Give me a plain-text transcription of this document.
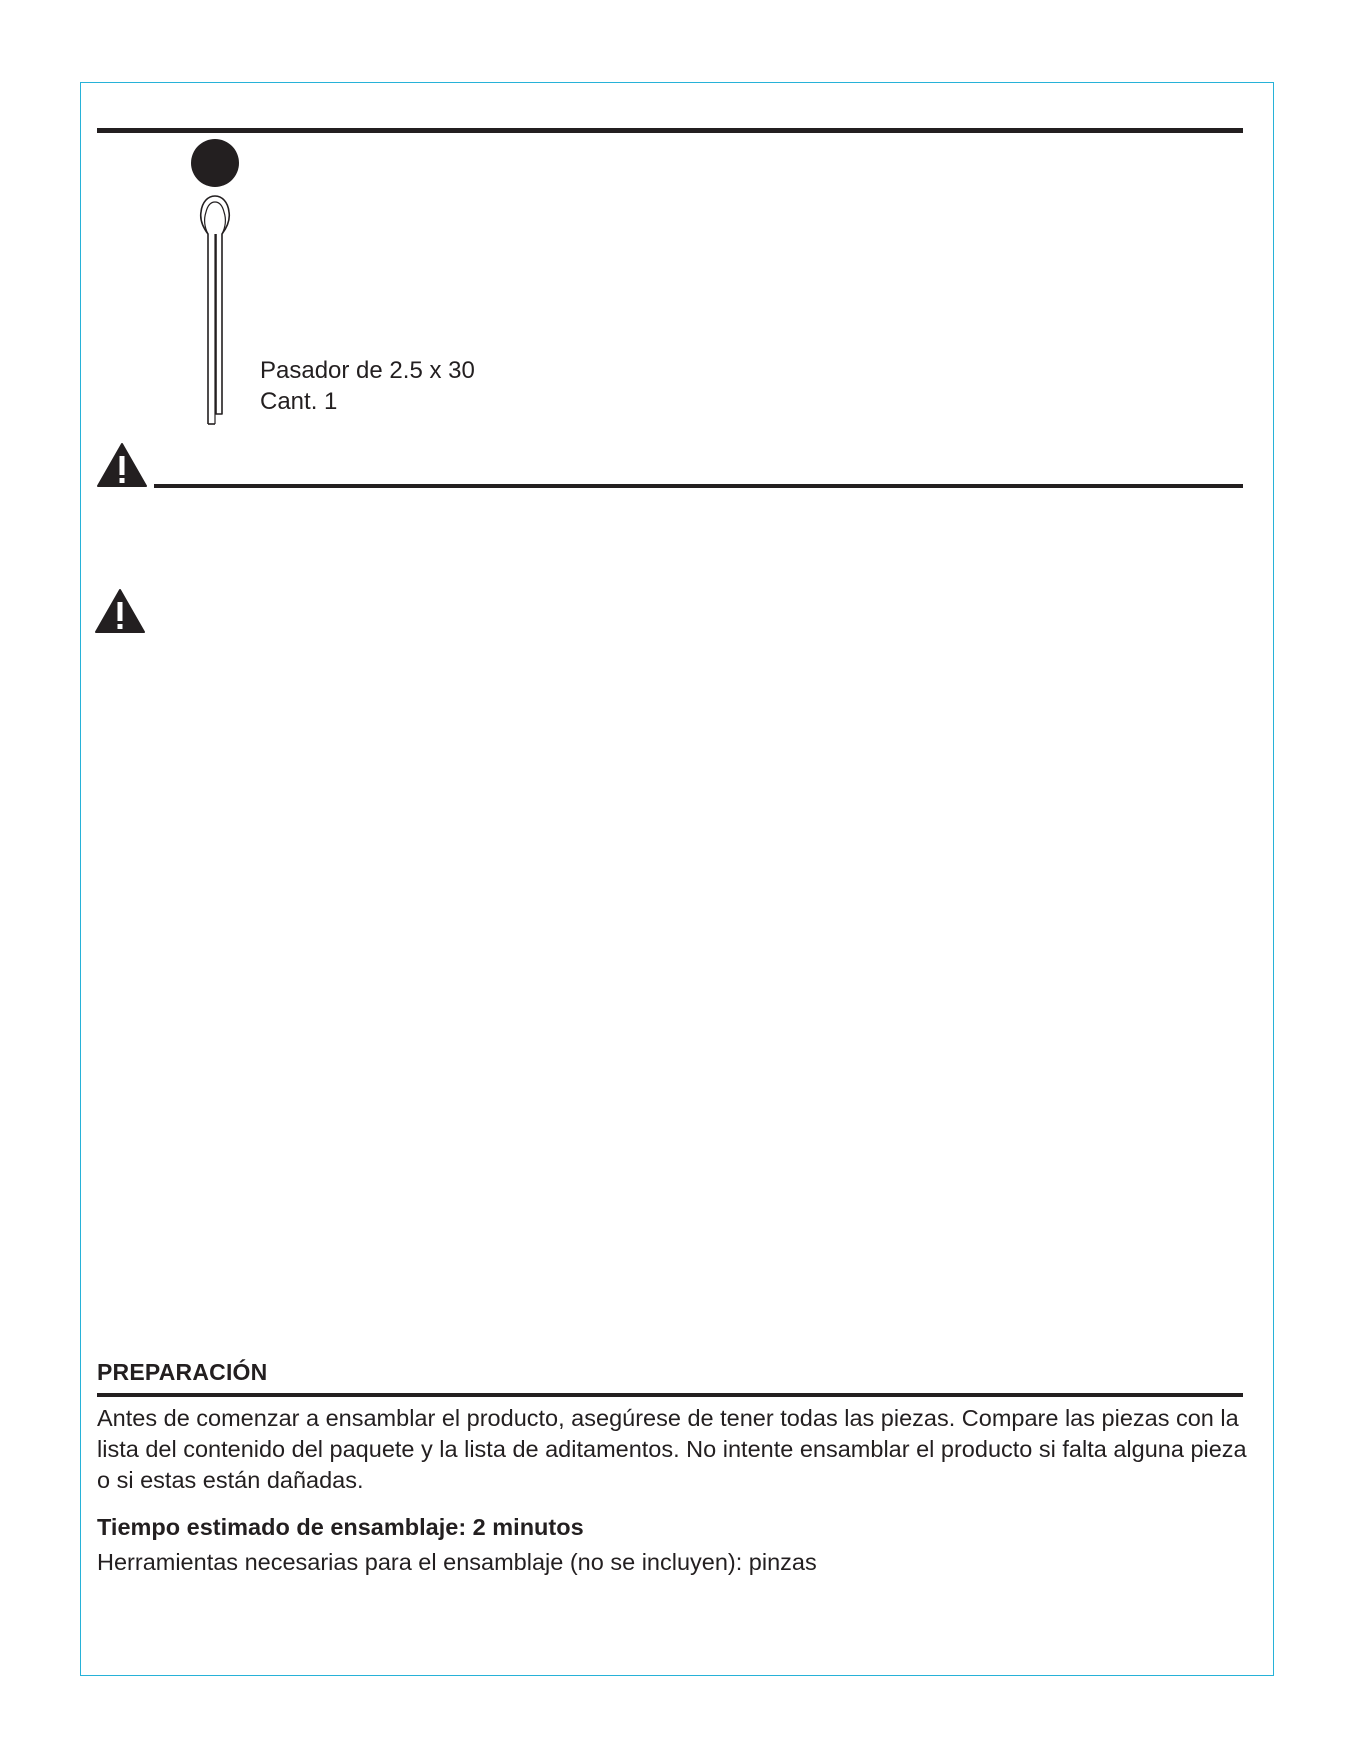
Pasador de 2.5 x 30
Cant. 1
PREPARACIÓN

Antes de comenzar a ensamblar el producto, asegúrese de tener todas las piezas. Compare las piezas con la lista del contenido del paquete y la lista de aditamentos. No intente ensamblar el producto si falta alguna pieza o si estas están dañadas.

Tiempo estimado de ensamblaje: 2 minutos
Herramientas necesarias para el ensamblaje (no se incluyen): pinzas
